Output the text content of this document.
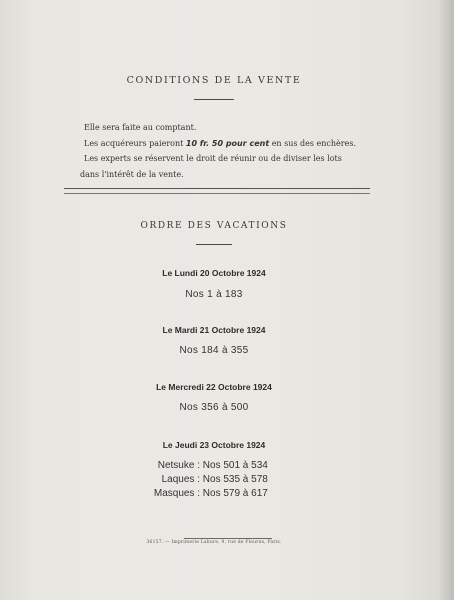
CONDITIONS DE LA VENTE

Elle sera faite au comptant.

Les acquéreurs paieront 10 fr. 50 pour cent en sus des enchères.

Les experts se réservent le droit de réunir ou de diviser les lots

dans l'intérêt de la vente.

ORDRE DES VACATIONS
Le Lundi 20 Octobre 1924
Nos 1 à 183
Le Mardi 21 Octobre 1924
Nos 184 à 355
Le Mercredi 22 Octobre 1924
Nos 356 à 500
Le Jeudi 23 Octobre 1924
Netsuke : Nos 501 à 534
Laques : Nos 535 à 578
Masques : Nos 579 à 617
36157. — Imprimerie Lahure, 9, rue de Fleurus, Paris.
